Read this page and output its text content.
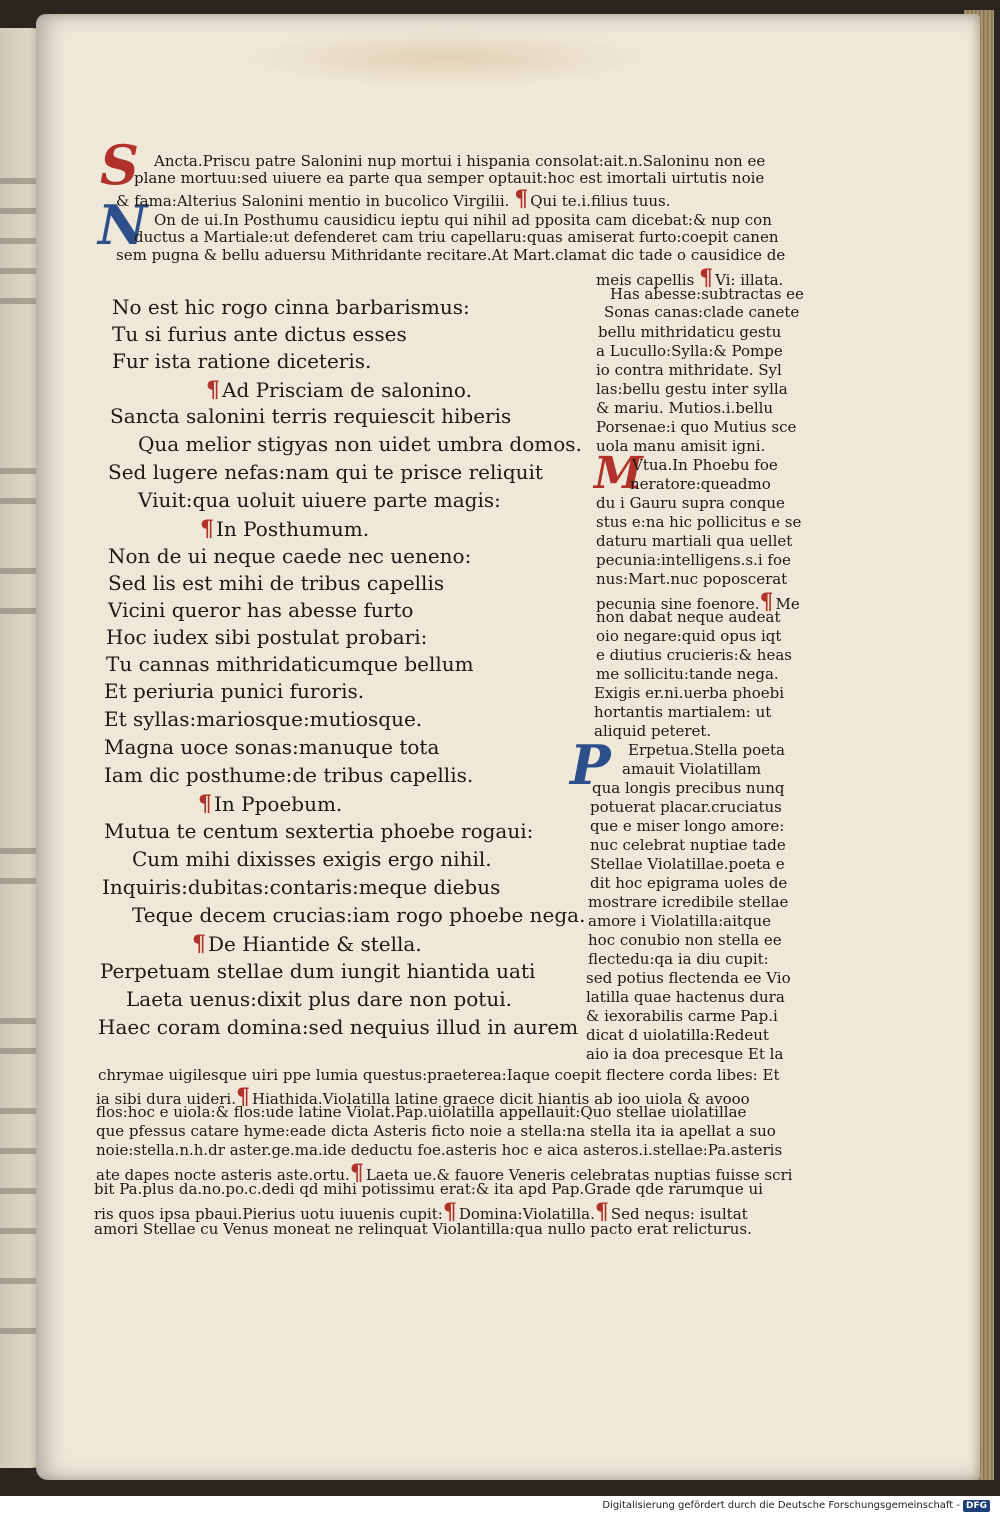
S
N
M
P
Ancta.Priscu patre Salonini nup mortui i hispania consolat:ait.n.Saloninu non ee
plane mortuu:sed uiuere ea parte qua semper optauit:hoc est imortali uirtutis noie
& fama:Alterius Salonini mentio in bucolico Virgilii. ¶ Qui te.i.filius tuus.
On de ui.In Posthumu causidicu ieptu qui nihil ad pposita cam dicebat:& nup con
ductus a Martiale:ut defenderet cam triu capellaru:quas amiserat furto:coepit canen
sem pugna & bellu aduersu Mithridante recitare.At Mart.clamat dic tade o causidice de
meis capellis ¶ Vi: illata.
No est hic rogo cinna barbarismus:
Tu si furius ante dictus esses
Fur ista ratione diceteris.
¶ Ad Prisciam de salonino.
Sancta salonini terris requiescit hiberis
Qua melior stigyas non uidet umbra domos.
Sed lugere nefas:nam qui te prisce reliquit
Viuit:qua uoluit uiuere parte magis:
¶ In Posthumum.
Non de ui neque caede nec ueneno:
Sed lis est mihi de tribus capellis
Vicini queror has abesse furto
Hoc iudex sibi postulat probari:
Tu cannas mithridaticumque bellum
Et periuria punici furoris.
Et syllas:mariosque:mutiosque.
Magna uoce sonas:manuque tota
Iam dic posthume:de tribus capellis.
¶ In Ppoebum.
Mutua te centum sextertia phoebe rogaui:
Cum mihi dixisses exigis ergo nihil.
Inquiris:dubitas:contaris:meque diebus
Teque decem crucias:iam rogo phoebe nega.
¶ De Hiantide & stella.
Perpetuam stellae dum iungit hiantida uati
Laeta uenus:dixit plus dare non potui.
Haec coram domina:sed nequius illud in aurem
Has abesse:subtractas ee
Sonas canas:clade canete
bellu mithridaticu gestu
a Lucullo:Sylla:& Pompe
io contra mithridate. Syl
las:bellu gestu inter sylla
& mariu. Mutios.i.bellu
Porsenae:i quo Mutius sce
uola manu amisit igni.
Vtua.In Phoebu foe
neratore:queadmo
du i Gauru supra conque
stus e:na hic pollicitus e se
daturu martiali qua uellet
pecunia:intelligens.s.i foe
nus:Mart.nuc poposcerat
pecunia sine foenore.¶ Me
non dabat neque audeat
oio negare:quid opus iqt
e diutius crucieris:& heas
me sollicitu:tande nega.
Exigis er.ni.uerba phoebi
hortantis martialem: ut
aliquid peteret.
Erpetua.Stella poeta
amauit Violatillam
qua longis precibus nunq
potuerat placar.cruciatus
que e miser longo amore:
nuc celebrat nuptiae tade
Stellae Violatillae.poeta e
dit hoc epigrama uoles de
mostrare icredibile stellae
amore i Violatilla:aitque
hoc conubio non stella ee
flectedu:qa ia diu cupit:
sed potius flectenda ee Vio
latilla quae hactenus dura
& iexorabilis carme Pap.i
dicat d uiolatilla:Redeut
aio ia doa precesque Et la
chrymae uigilesque uiri ppe lumia questus:praeterea:Iaque coepit flectere corda libes: Et
ia sibi dura uideri.¶ Hiathida.Violatilla latine graece dicit hiantis ab ioo uiola & avooo
flos:hoc e uiola:& flos:ude latine Violat.Pap.uiolatilla appellauit:Quo stellae uiolatillae
que pfessus catare hyme:eade dicta Asteris ficto noie a stella:na stella ita ia apellat a suo
noie:stella.n.h.dr aster.ge.ma.ide deductu foe.asteris hoc e aica asteros.i.stellae:Pa.asteris
ate dapes nocte asteris aste.ortu.¶ Laeta ue.& fauore Veneris celebratas nuptias fuisse scri
bit Pa.plus da.no.po.c.dedi qd mihi potissimu erat:& ita apd Pap.Grade qde rarumque ui
ris quos ipsa pbaui.Pierius uotu iuuenis cupit:¶ Domina:Violatilla.¶ Sed nequs: isultat
amori Stellae cu Venus moneat ne relinquat Violantilla:qua nullo pacto erat relicturus.
Digitalisierung gefördert durch die Deutsche Forschungsgemeinschaft - DFG
